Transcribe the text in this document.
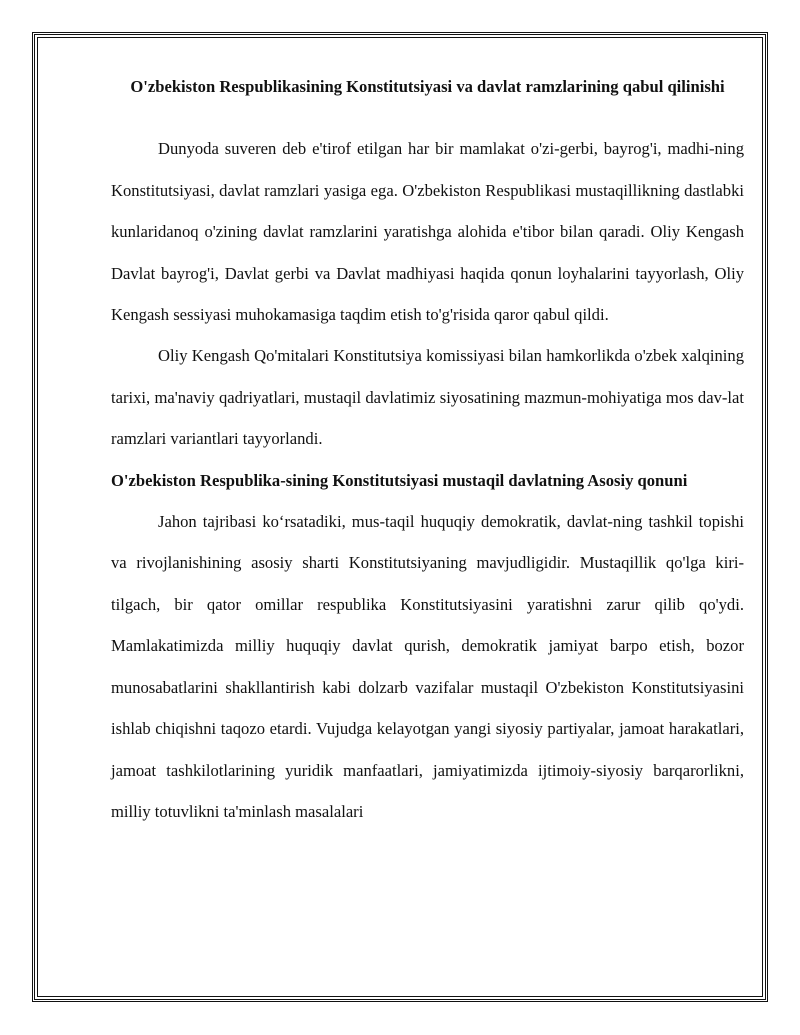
O'zbekiston Respublikasining Konstitutsiyasi va davlat ramzlarining qabul qilinishi

Dunyoda suveren deb e'tirof etilgan har bir mamlakat o'zi-gerbi, bayrog'i, madhi-ning Konstitutsiyasi, davlat ramzlari yasiga ega. O'zbekiston Respublikasi mustaqillikning dastlabki kunlaridanoq o'zining davlat ramzlarini yaratishga alohida e'tibor bilan qaradi. Oliy Kengash Davlat bayrog'i, Davlat gerbi va Davlat madhiyasi haqida qonun loyhalarini tayyorlash, Oliy Kengash sessiyasi muhokamasiga taqdim etish to'g'risida qaror qabul qildi.

Oliy Kengash Qo'mitalari Konstitutsiya komissiyasi bilan hamkorlikda o'zbek xalqining tarixi, ma'naviy qadriyatlari, mustaqil davlatimiz siyosatining mazmun-mohiyatiga mos dav-lat ramzlari variantlari tayyorlandi.

O'zbekiston Respublika-sining Konstitutsiyasi mustaqil davlatning Asosiy qonuni

Jahon tajribasi ko‘rsatadiki, mus-taqil huquqiy demokratik, davlat-ning tashkil topishi va rivojlanishining asosiy sharti Konstitutsiyaning mavjudligidir. Mustaqillik qo'lga kiri-tilgach, bir qator omillar respublika Konstitutsiyasini yaratishni zarur qilib qo'ydi. Mamlakatimizda milliy huquqiy davlat qurish, demokratik jamiyat barpo etish, bozor munosabatlarini shakllantirish kabi dolzarb vazifalar mustaqil O'zbekiston Konstitutsiyasini ishlab chiqishni taqozo etardi. Vujudga kelayotgan yangi siyosiy partiyalar, jamoat harakatlari, jamoat tashkilotlarining yuridik manfaatlari, jamiyatimizda ijtimoiy-siyosiy barqarorlikni, milliy totuvlikni ta'minlash masalalari
